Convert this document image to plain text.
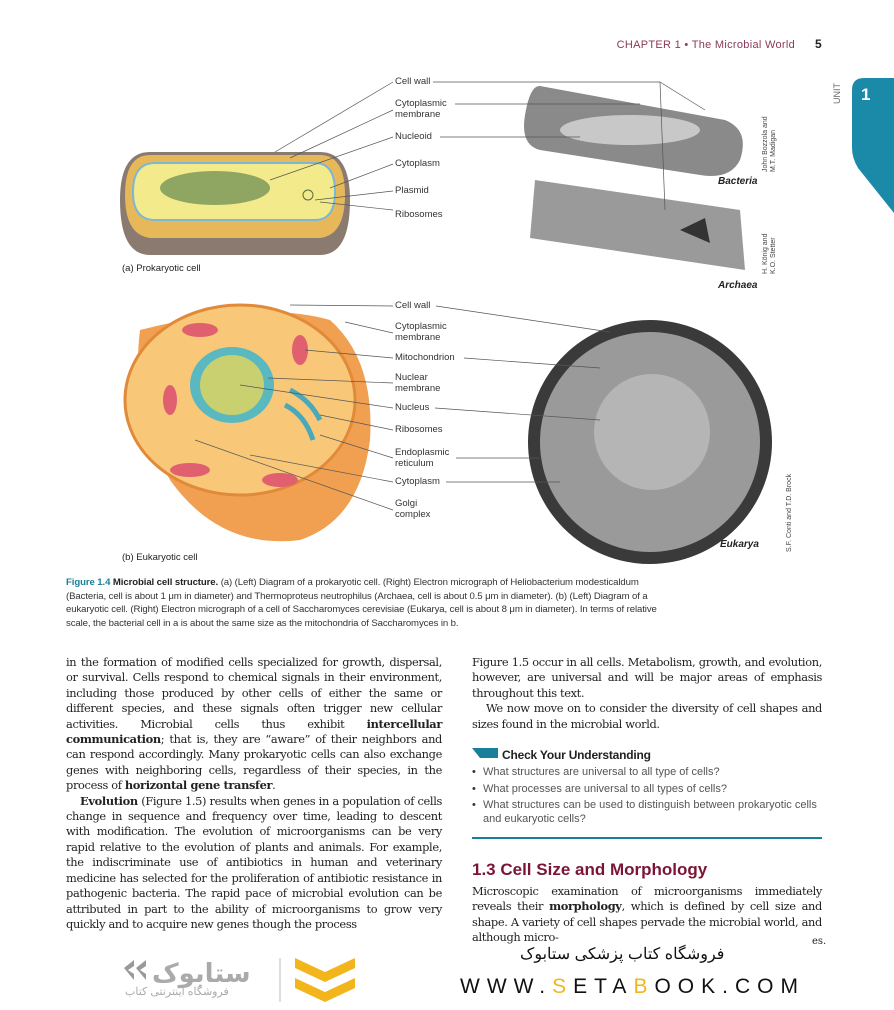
CHAPTER 1 • The Microbial World 5
1
UNIT
Cell wall
Cytoplasmic membrane
Nucleoid
Cytoplasm
Plasmid
Ribosomes
(a) Prokaryotic cell
Bacteria
Archaea
John Bozzola and M.T. Madigan
H. König and K.O. Stetter
Cell wall
Cytoplasmic membrane
Mitochondrion
Nuclear membrane
Nucleus
Ribosomes
Endoplasmic reticulum
Cytoplasm
Golgi complex
(b) Eukaryotic cell
Eukarya	S.F. Conti and T.D. Brock
Figure 1.4 Microbial cell structure. (a) (Left) Diagram of a prokaryotic cell. (Right) Electron micrograph of Heliobacterium modesticaldum (Bacteria, cell is about 1 μm in diameter) and Thermoproteus neutrophilus (Archaea, cell is about 0.5 μm in diameter). (b) (Left) Diagram of a eukaryotic cell. (Right) Electron micrograph of a cell of Saccharomyces cerevisiae (Eukarya, cell is about 8 μm in diameter). In terms of relative scale, the bacterial cell in a is about the same size as the mitochondria of Saccharomyces in b.

in the formation of modified cells specialized for growth, dispersal, or survival. Cells respond to chemical signals in their environment, including those produced by other cells of either the same or different species, and these signals often trigger new cellular activities. Microbial cells thus exhibit intercellular communication; that is, they are “aware” of their neighbors and can respond accordingly. Many prokaryotic cells can also exchange genes with neighboring cells, regardless of their species, in the process of horizontal gene transfer.

Evolution (Figure 1.5) results when genes in a population of cells change in sequence and frequency over time, leading to descent with modification. The evolution of microorganisms can be very rapid relative to the evolution of plants and animals. For example, the indiscriminate use of antibiotics in human and veterinary medicine has selected for the proliferation of antibiotic resistance in pathogenic bacteria. The rapid pace of microbial evolution can be attributed in part to the ability of microorganisms to grow very quickly and to acquire new genes though the process

Figure 1.5 occur in all cells. Metabolism, growth, and evolution, however, are universal and will be major areas of emphasis throughout this text.

We now move on to consider the diversity of cell shapes and sizes found in the microbial world.

Check Your Understanding
• What structures are universal to all type of cells?
• What processes are universal to all types of cells?
• What structures can be used to distinguish between prokaryotic cells and eukaryotic cells?
1.3 Cell Size and Morphology

Microscopic examination of microorganisms immediately reveals their morphology, which is defined by cell size and shape. A variety of cell shapes pervade the microbial world, and although micro-	es.
ستابوک
فروشگاه اینترنتی کتاب
فروشگاه کتاب پزشکی ستابوک
WWW.SETABOOK.COM
